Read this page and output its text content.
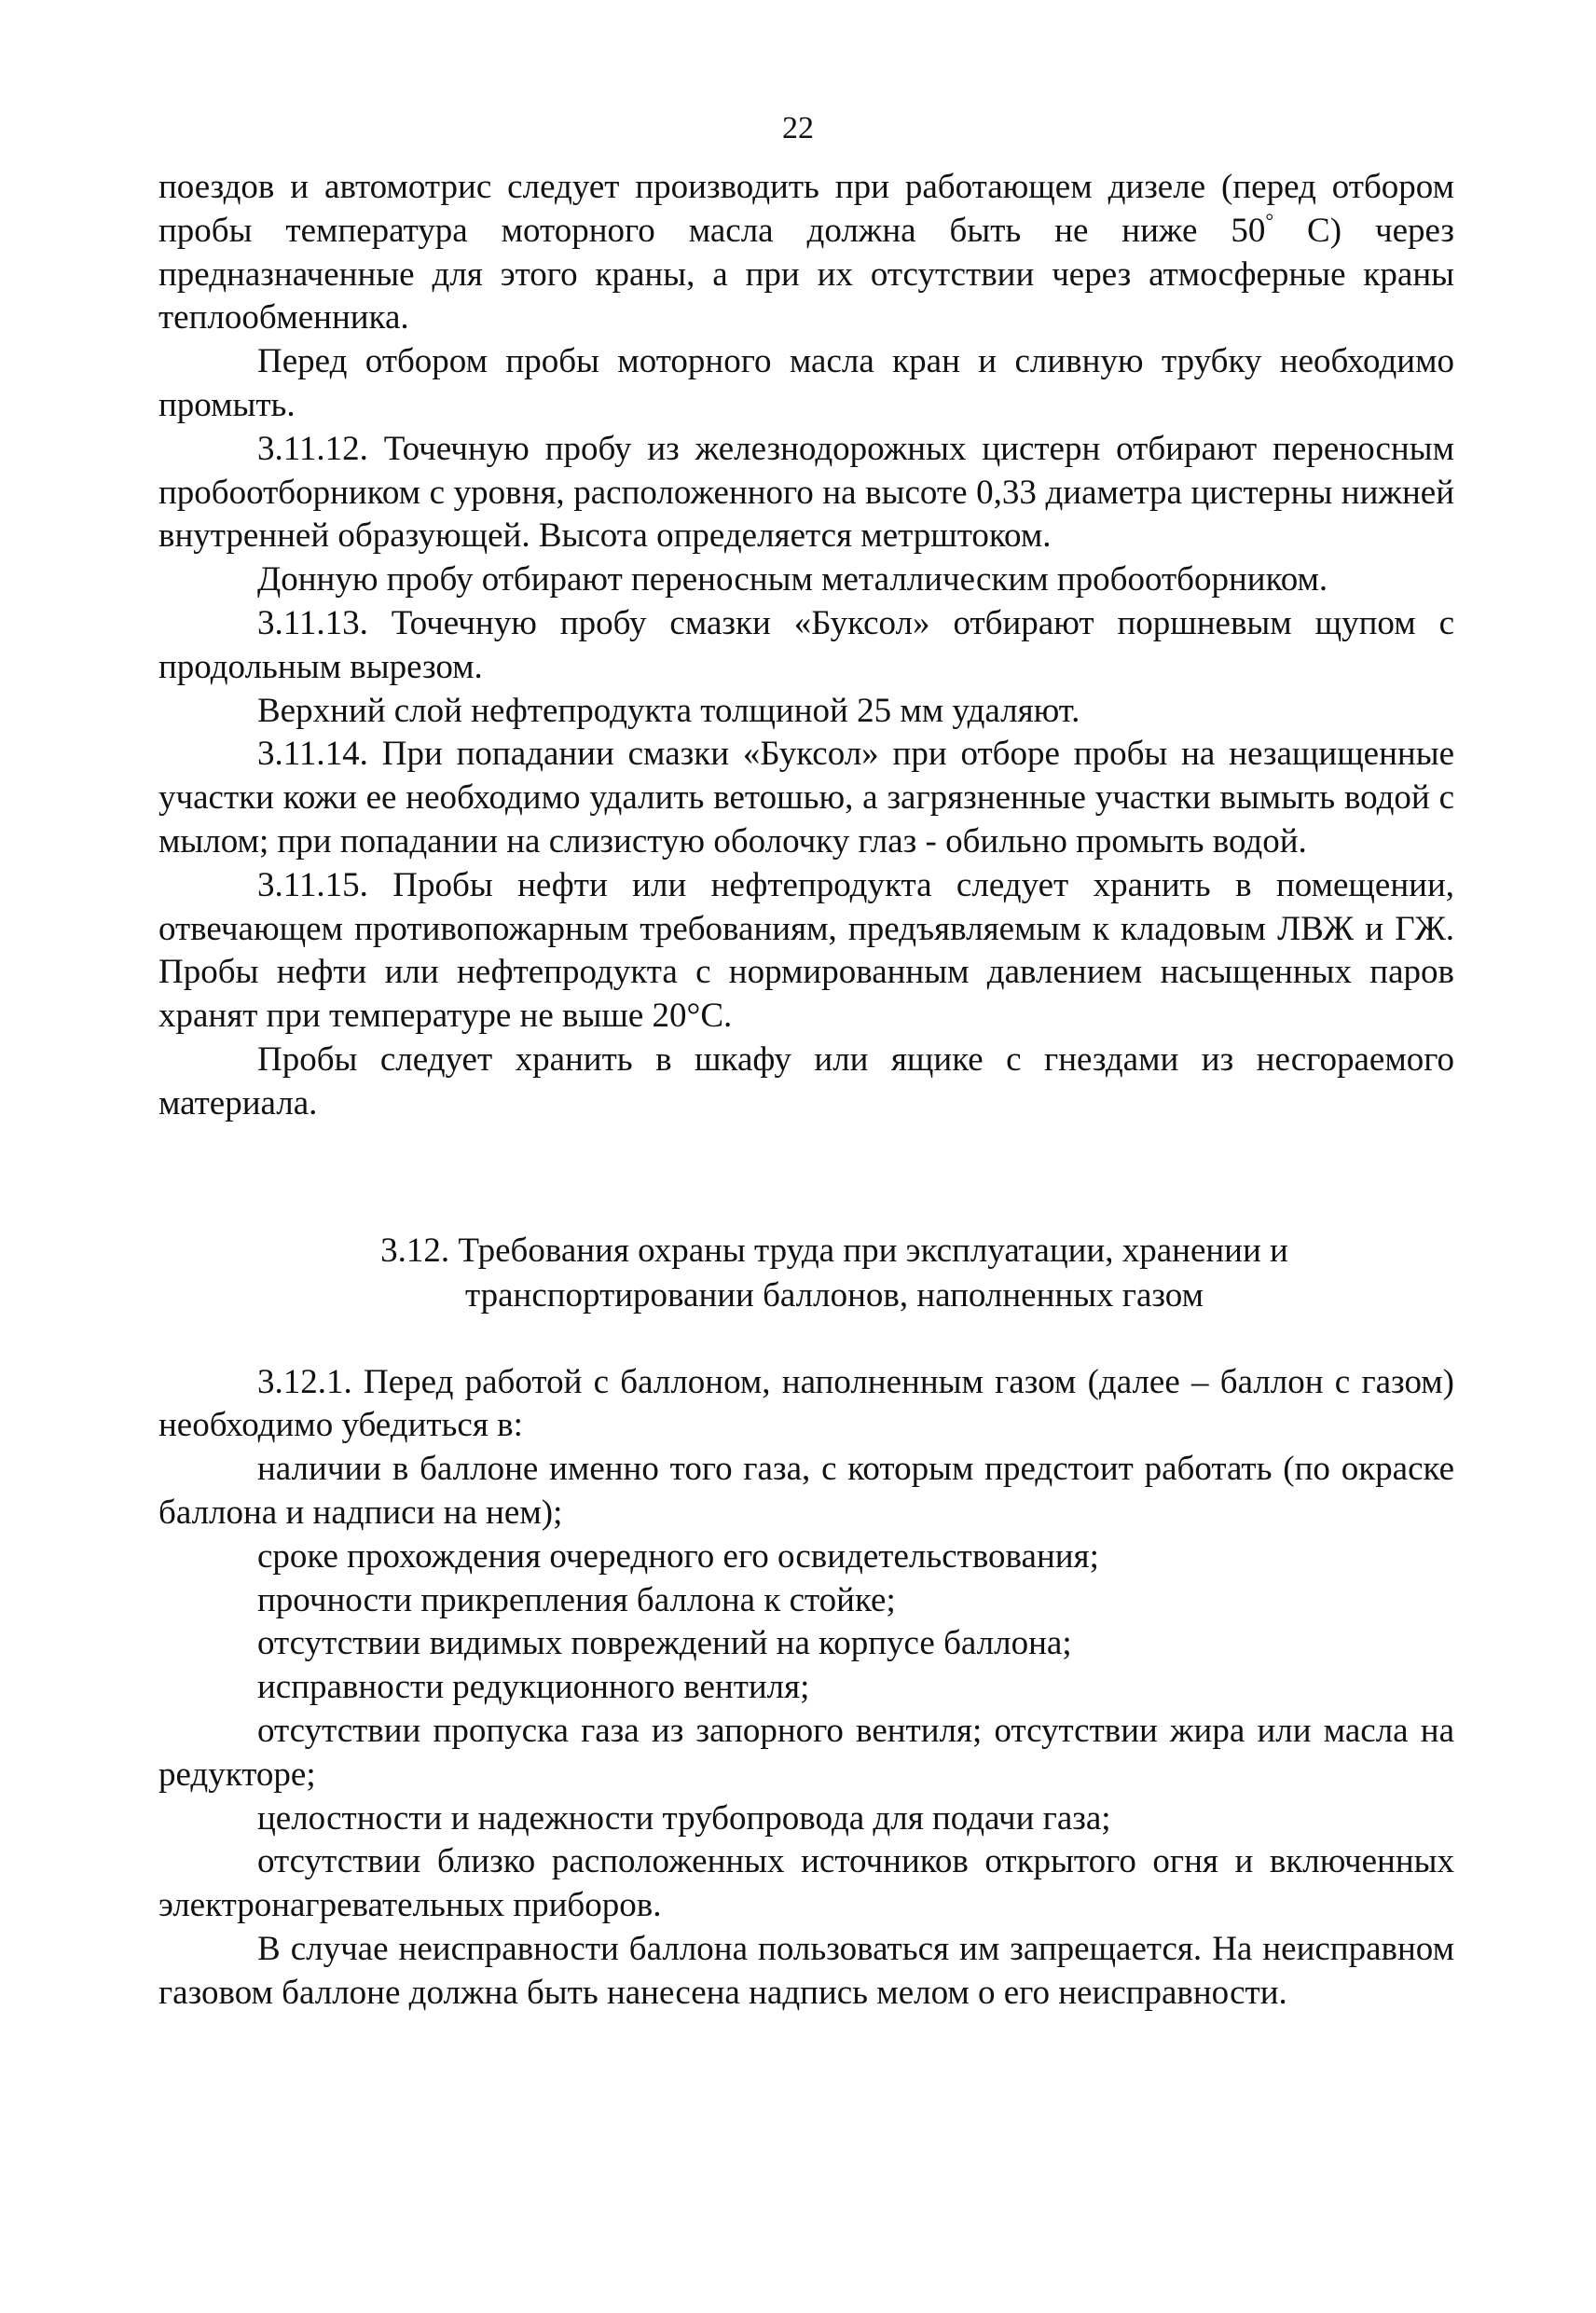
22

поездов и автомотрис следует производить при работающем дизеле (перед отбором пробы температура моторного масла должна быть не ниже 50° С) через предназначенные для этого краны, а при их отсутствии через атмосферные краны теплообменника.

Перед отбором пробы моторного масла кран и сливную трубку необходимо промыть.

3.11.12. Точечную пробу из железнодорожных цистерн отбирают переносным пробоотборником с уровня, расположенного на высоте 0,33 диаметра цистерны нижней внутренней образующей. Высота определяется метрштоком.

Донную пробу отбирают переносным металлическим пробоотборником.

3.11.13. Точечную пробу смазки «Буксол» отбирают поршневым щупом с продольным вырезом.

Верхний слой нефтепродукта толщиной 25 мм удаляют.

3.11.14. При попадании смазки «Буксол» при отборе пробы на незащищенные участки кожи ее необходимо удалить ветошью, а загрязненные участки вымыть водой с мылом; при попадании на слизистую оболочку глаз - обильно промыть водой.

3.11.15. Пробы нефти или нефтепродукта следует хранить в помещении, отвечающем противопожарным требованиям, предъявляемым к кладовым ЛВЖ и ГЖ. Пробы нефти или нефтепродукта с нормированным давлением насыщенных паров хранят при температуре не выше 20°С.

Пробы следует хранить в шкафу или ящике с гнездами из несгораемого материала.

3.12. Требования охраны труда при эксплуатации, хранении и

транспортировании баллонов, наполненных газом

3.12.1. Перед работой с баллоном, наполненным газом (далее – баллон с газом) необходимо убедиться в:

наличии в баллоне именно того газа, с которым предстоит работать (по окраске баллона и надписи на нем);

сроке прохождения очередного его освидетельствования;

прочности прикрепления баллона к стойке;

отсутствии видимых повреждений на корпусе баллона;

исправности редукционного вентиля;

отсутствии пропуска газа из запорного вентиля; отсутствии жира или масла на редукторе;

целостности и надежности трубопровода для подачи газа;

отсутствии близко расположенных источников открытого огня и включенных электронагревательных приборов.

В случае неисправности баллона пользоваться им запрещается. На неисправном газовом баллоне должна быть нанесена надпись мелом о его неисправности.
